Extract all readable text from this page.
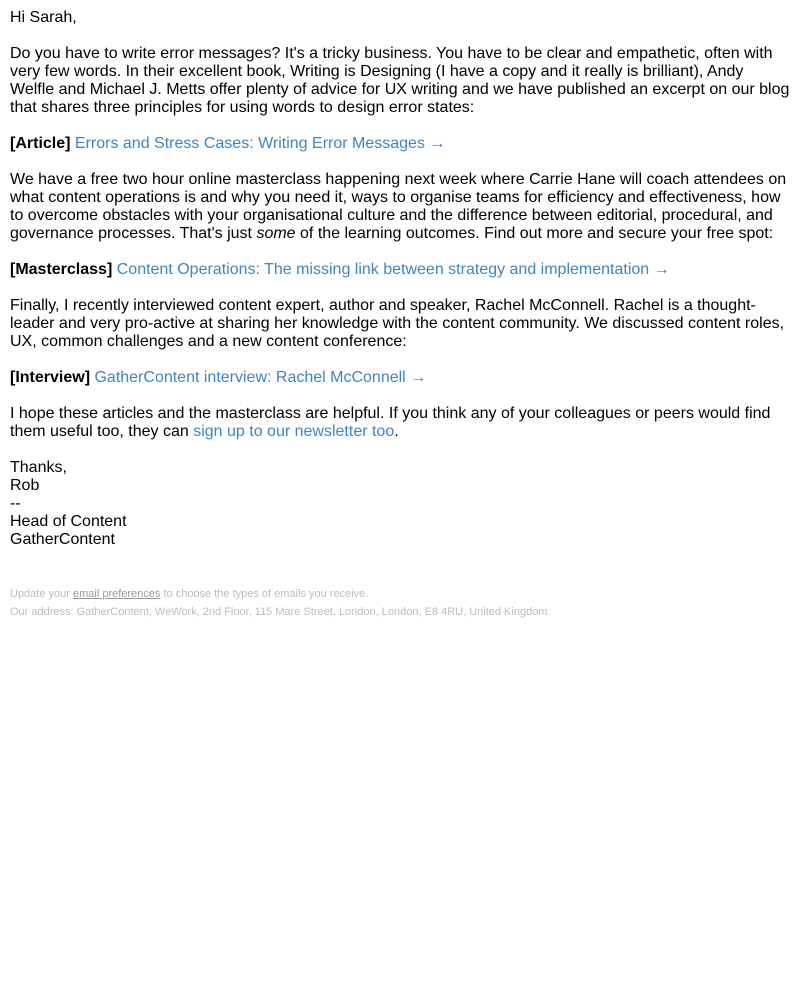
Hi Sarah,

Do you have to write error messages? It's a tricky business. You have to be clear and empathetic, often with very few words. In their excellent book, Writing is Designing (I have a copy and it really is brilliant), Andy Welfle and Michael J. Metts offer plenty of advice for UX writing and we have published an excerpt on our blog that shares three principles for using words to design error states:

[Article] Errors and Stress Cases: Writing Error Messages →

We have a free two hour online masterclass happening next week where Carrie Hane will coach attendees on what content operations is and why you need it, ways to organise teams for efficiency and effectiveness, how to overcome obstacles with your organisational culture and the difference between editorial, procedural, and governance processes. That's just some of the learning outcomes. Find out more and secure your free spot:

[Masterclass] Content Operations: The missing link between strategy and implementation →

Finally, I recently interviewed content expert, author and speaker, Rachel McConnell. Rachel is a thought-leader and very pro-active at sharing her knowledge with the content community. We discussed content roles, UX, common challenges and a new content conference:

[Interview] GatherContent interview: Rachel McConnell →

I hope these articles and the masterclass are helpful. If you think any of your colleagues or peers would find them useful too, they can sign up to our newsletter too.

Thanks,
Rob
--
Head of Content
GatherContent

Update your email preferences to choose the types of emails you receive.

Our address: GatherContent, WeWork, 2nd Floor, 115 Mare Street, London, London, E8 4RU, United Kingdom.
